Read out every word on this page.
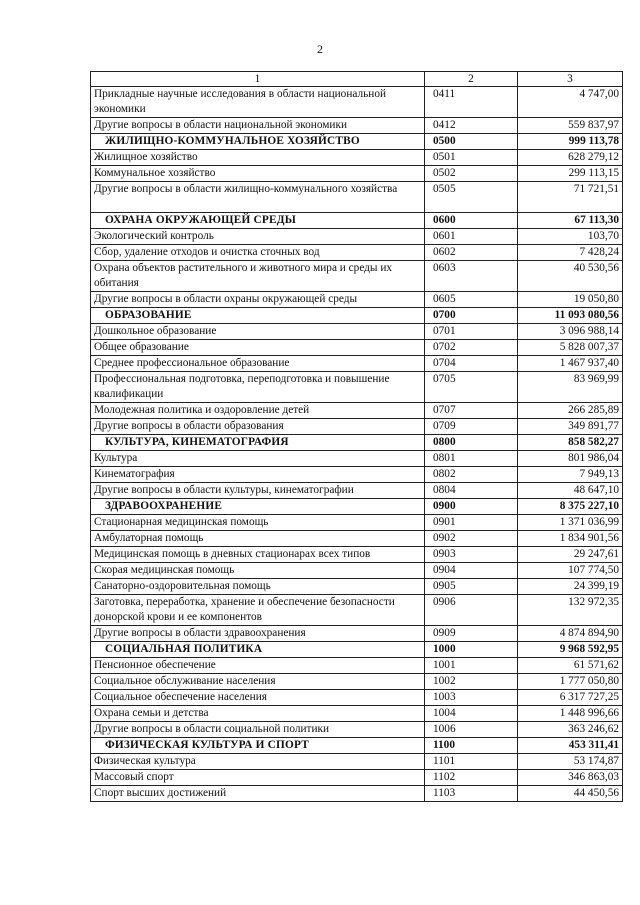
2
1	2	3
Прикладные научные исследования в области национальной экономики	0411	4 747,00
Другие вопросы в области национальной экономики	0412	559 837,97
ЖИЛИЩНО-КОММУНАЛЬНОЕ ХОЗЯЙСТВО	0500	999 113,78
Жилищное хозяйство	0501	628 279,12
Коммунальное хозяйство	0502	299 113,15
Другие вопросы в области жилищно-коммунального хозяйства	0505	71 721,51
ОХРАНА ОКРУЖАЮЩЕЙ СРЕДЫ	0600	67 113,30
Экологический контроль	0601	103,70
Сбор, удаление отходов и очистка сточных вод	0602	7 428,24
Охрана объектов растительного и животного мира и среды их обитания	0603	40 530,56
Другие вопросы в области охраны окружающей среды	0605	19 050,80
ОБРАЗОВАНИЕ	0700	11 093 080,56
Дошкольное образование	0701	3 096 988,14
Общее образование	0702	5 828 007,37
Среднее профессиональное образование	0704	1 467 937,40
Профессиональная подготовка, переподготовка и повышение квалификации	0705	83 969,99
Молодежная политика и оздоровление детей	0707	266 285,89
Другие вопросы в области образования	0709	349 891,77
КУЛЬТУРА, КИНЕМАТОГРАФИЯ	0800	858 582,27
Культура	0801	801 986,04
Кинематография	0802	7 949,13
Другие вопросы в области культуры, кинематографии	0804	48 647,10
ЗДРАВООХРАНЕНИЕ	0900	8 375 227,10
Стационарная медицинская помощь	0901	1 371 036,99
Амбулаторная помощь	0902	1 834 901,56
Медицинская помощь в дневных стационарах всех типов	0903	29 247,61
Скорая медицинская помощь	0904	107 774,50
Санаторно-оздоровительная помощь	0905	24 399,19
Заготовка, переработка, хранение и обеспечение безопасности донорской крови и ее компонентов	0906	132 972,35
Другие вопросы в области здравоохранения	0909	4 874 894,90
СОЦИАЛЬНАЯ ПОЛИТИКА	1000	9 968 592,95
Пенсионное обеспечение	1001	61 571,62
Социальное обслуживание населения	1002	1 777 050,80
Социальное обеспечение населения	1003	6 317 727,25
Охрана семьи и детства	1004	1 448 996,66
Другие вопросы в области социальной политики	1006	363 246,62
ФИЗИЧЕСКАЯ КУЛЬТУРА И СПОРТ	1100	453 311,41
Физическая культура	1101	53 174,87
Массовый спорт	1102	346 863,03
Спорт высших достижений	1103	44 450,56
